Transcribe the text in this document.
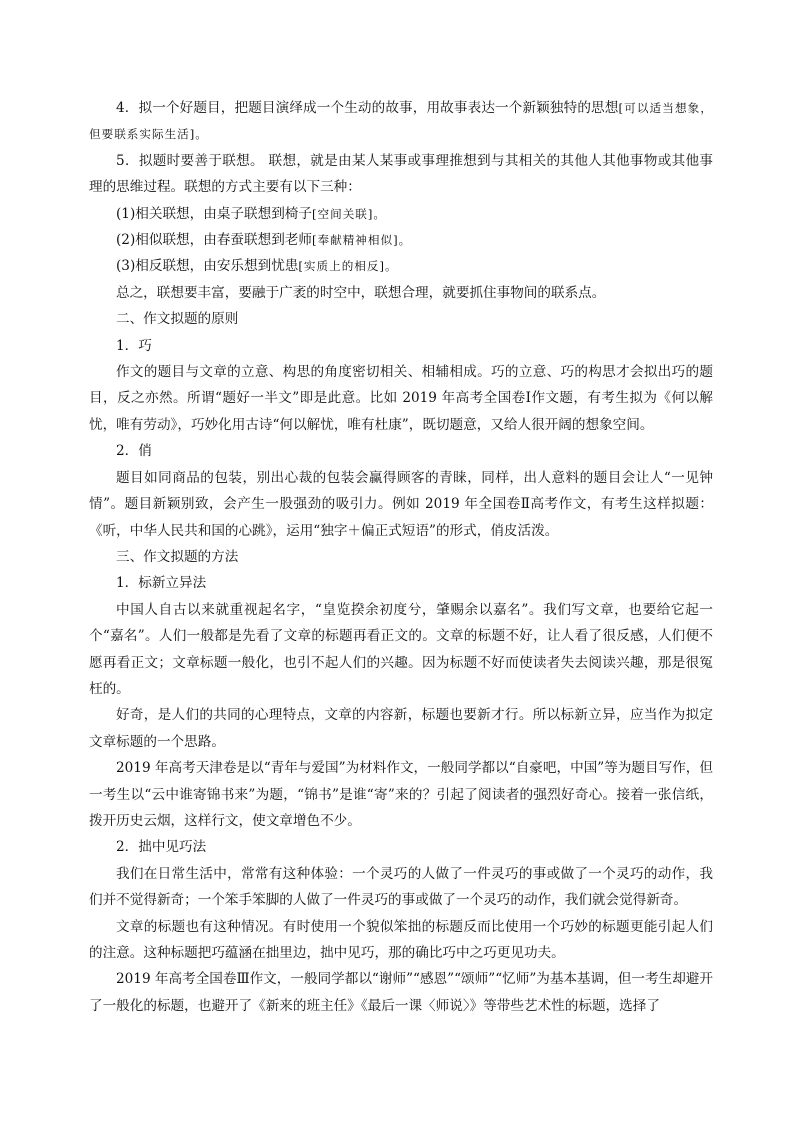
4．拟一个好题目，把题目演绎成一个生动的故事，用故事表达一个新颖独特的思想[可以适当想象，但要联系实际生活]。

5．拟题时要善于联想。 联想，就是由某人某事或事理推想到与其相关的其他人其他事物或其他事理的思维过程。联想的方式主要有以下三种：

(1)相关联想，由桌子联想到椅子[空间关联]。

(2)相似联想，由春蚕联想到老师[奉献精神相似]。

(3)相反联想，由安乐想到忧患[实质上的相反]。

总之，联想要丰富，要融于广袤的时空中，联想合理，就要抓住事物间的联系点。

二、作文拟题的原则

1．巧

作文的题目与文章的立意、构思的角度密切相关、相辅相成。巧的立意、巧的构思才会拟出巧的题目，反之亦然。所谓“题好一半文”即是此意。比如 2019 年高考全国卷Ⅰ作文题，有考生拟为《何以解忧，唯有劳动》，巧妙化用古诗“何以解忧，唯有杜康”，既切题意，又给人很开阔的想象空间。

2．俏

题目如同商品的包装，别出心裁的包装会赢得顾客的青睐，同样，出人意料的题目会让人“一见钟情”。题目新颖别致，会产生一股强劲的吸引力。例如 2019 年全国卷Ⅱ高考作文，有考生这样拟题：《听，中华人民共和国的心跳》，运用“独字＋偏正式短语”的形式，俏皮活泼。

三、作文拟题的方法

1．标新立异法

中国人自古以来就重视起名字，“皇览揆余初度兮，肇赐余以嘉名”。我们写文章，也要给它起一个“嘉名”。人们一般都是先看了文章的标题再看正文的。文章的标题不好，让人看了很反感，人们便不愿再看正文；文章标题一般化，也引不起人们的兴趣。因为标题不好而使读者失去阅读兴趣，那是很冤枉的。

好奇，是人们的共同的心理特点，文章的内容新，标题也要新才行。所以标新立异，应当作为拟定文章标题的一个思路。

2019 年高考天津卷是以“青年与爱国”为材料作文，一般同学都以“自豪吧，中国”等为题目写作，但一考生以“云中谁寄锦书来”为题，“锦书”是谁“寄”来的？引起了阅读者的强烈好奇心。接着一张信纸，拨开历史云烟，这样行文，使文章增色不少。

2．拙中见巧法

我们在日常生活中，常常有这种体验：一个灵巧的人做了一件灵巧的事或做了一个灵巧的动作，我们并不觉得新奇；一个笨手笨脚的人做了一件灵巧的事或做了一个灵巧的动作，我们就会觉得新奇。

文章的标题也有这种情况。有时使用一个貌似笨拙的标题反而比使用一个巧妙的标题更能引起人们的注意。这种标题把巧蕴涵在拙里边，拙中见巧，那的确比巧中之巧更见功夫。

2019 年高考全国卷Ⅲ作文，一般同学都以“谢师”“感恩”“颂师”“忆师”为基本基调，但一考生却避开了一般化的标题，也避开了《新来的班主任》《最后一课〈师说〉》等带些艺术性的标题，选择了
